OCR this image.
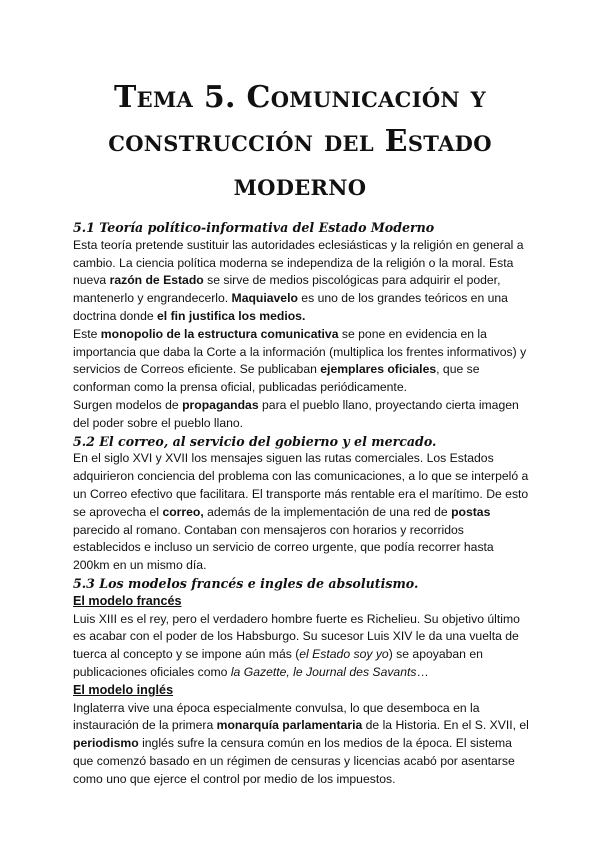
Tema 5. Comunicación y
construcción del Estado
moderno
5.1 Teoría político-informativa del Estado Moderno
Esta teoría pretende sustituir las autoridades eclesiásticas y la religión en general a
cambio. La ciencia política moderna se independiza de la religión o la moral. Esta
nueva razón de Estado se sirve de medios piscológicas para adquirir el poder,
mantenerlo y engrandecerlo. Maquiavelo es uno de los grandes teóricos en una
doctrina donde el fin justifica los medios.
Este monopolio de la estructura comunicativa se pone en evidencia en la
importancia que daba la Corte a la información (multiplica los frentes informativos) y
servicios de Correos eficiente. Se publicaban ejemplares oficiales, que se
conforman como la prensa oficial, publicadas periódicamente.
Surgen modelos de propagandas para el pueblo llano, proyectando cierta imagen
del poder sobre el pueblo llano.
5.2 El correo, al servicio del gobierno y el mercado.
En el siglo XVI y XVII los mensajes siguen las rutas comerciales. Los Estados
adquirieron conciencia del problema con las comunicaciones, a lo que se interpeló a
un Correo efectivo que facilitara. El transporte más rentable era el marítimo. De esto
se aprovecha el correo, además de la implementación de una red de postas
parecido al romano. Contaban con mensajeros con horarios y recorridos
establecidos e incluso un servicio de correo urgente, que podía recorrer hasta
200km en un mismo día.
5.3 Los modelos francés e ingles de absolutismo.
El modelo francés
Luis XIII es el rey, pero el verdadero hombre fuerte es Richelieu. Su objetivo último
es acabar con el poder de los Habsburgo. Su sucesor Luis XIV le da una vuelta de
tuerca al concepto y se impone aún más (el Estado soy yo) se apoyaban en
publicaciones oficiales como la Gazette, le Journal des Savants…
El modelo inglés
Inglaterra vive una época especialmente convulsa, lo que desemboca en la
instauración de la primera monarquía parlamentaria de la Historia. En el S. XVII, el
periodismo inglés sufre la censura común en los medios de la época. El sistema
que comenzó basado en un régimen de censuras y licencias acabó por asentarse
como uno que ejerce el control por medio de los impuestos.
